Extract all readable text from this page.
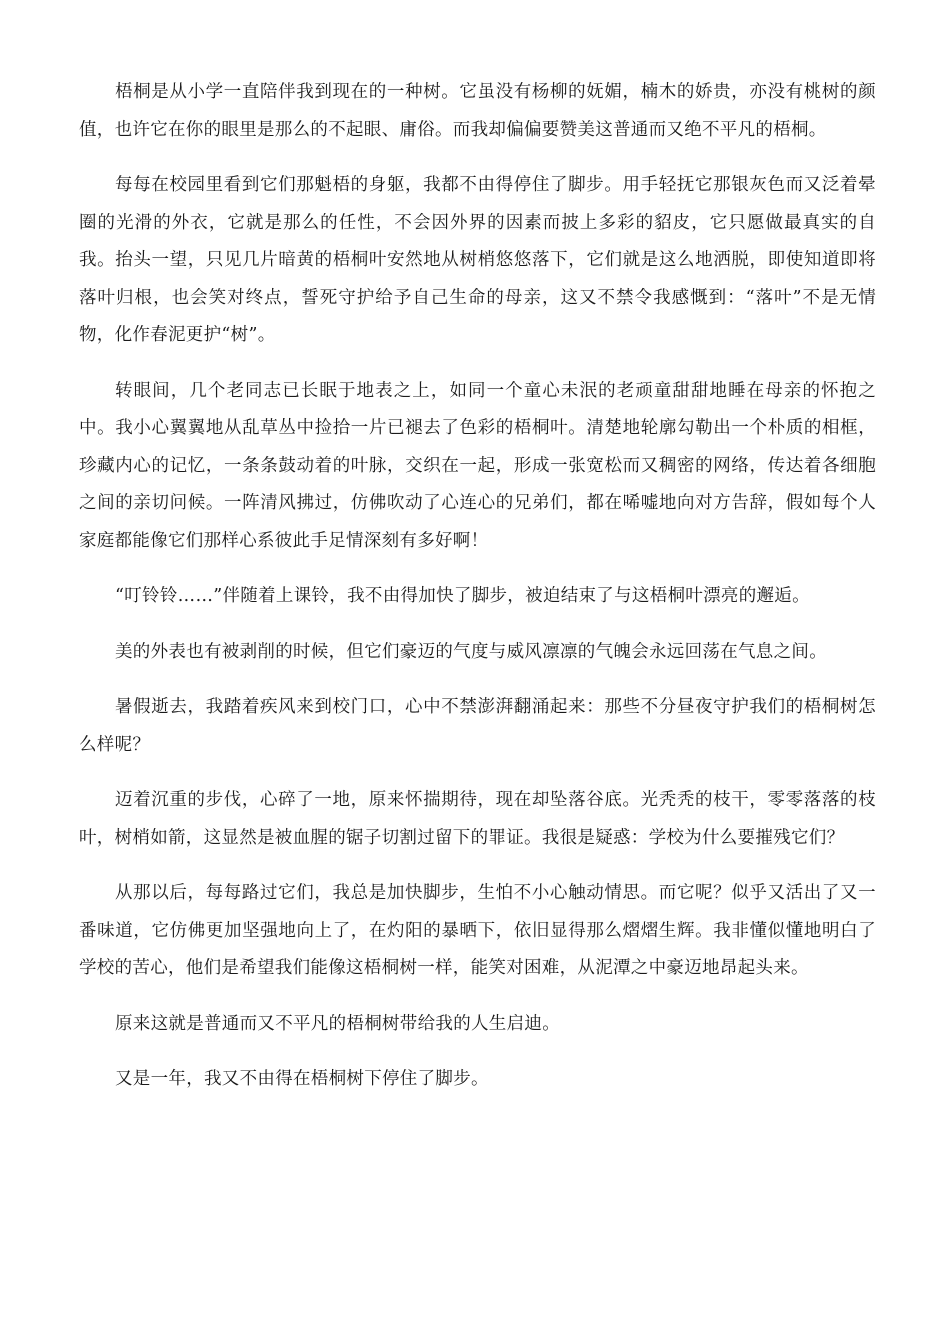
梧桐是从小学一直陪伴我到现在的一种树。它虽没有杨柳的妩媚，楠木的娇贵，亦没有桃树的颜值，也许它在你的眼里是那么的不起眼、庸俗。而我却偏偏要赞美这普通而又绝不平凡的梧桐。

每每在校园里看到它们那魁梧的身躯，我都不由得停住了脚步。用手轻抚它那银灰色而又泛着晕圈的光滑的外衣，它就是那么的任性，不会因外界的因素而披上多彩的貂皮，它只愿做最真实的自我。抬头一望，只见几片暗黄的梧桐叶安然地从树梢悠悠落下，它们就是这么地洒脱，即使知道即将落叶归根，也会笑对终点，誓死守护给予自己生命的母亲，这又不禁令我感慨到：“落叶”不是无情物，化作春泥更护“树”。

转眼间，几个老同志已长眠于地表之上，如同一个童心未泯的老顽童甜甜地睡在母亲的怀抱之中。我小心翼翼地从乱草丛中捡拾一片已褪去了色彩的梧桐叶。清楚地轮廓勾勒出一个朴质的相框，珍藏内心的记忆，一条条鼓动着的叶脉，交织在一起，形成一张宽松而又稠密的网络，传达着各细胞之间的亲切问候。一阵清风拂过，仿佛吹动了心连心的兄弟们，都在唏嘘地向对方告辞，假如每个人家庭都能像它们那样心系彼此手足情深刻有多好啊！

“叮铃铃……”伴随着上课铃，我不由得加快了脚步，被迫结束了与这梧桐叶漂亮的邂逅。

美的外表也有被剥削的时候，但它们豪迈的气度与威风凛凛的气魄会永远回荡在气息之间。

暑假逝去，我踏着疾风来到校门口，心中不禁澎湃翻涌起来：那些不分昼夜守护我们的梧桐树怎么样呢？

迈着沉重的步伐，心碎了一地，原来怀揣期待，现在却坠落谷底。光秃秃的枝干，零零落落的枝叶，树梢如箭，这显然是被血腥的锯子切割过留下的罪证。我很是疑惑：学校为什么要摧残它们？

从那以后，每每路过它们，我总是加快脚步，生怕不小心触动情思。而它呢？似乎又活出了又一番味道，它仿佛更加坚强地向上了，在灼阳的暴晒下，依旧显得那么熠熠生辉。我非懂似懂地明白了学校的苦心，他们是希望我们能像这梧桐树一样，能笑对困难，从泥潭之中豪迈地昂起头来。

原来这就是普通而又不平凡的梧桐树带给我的人生启迪。

又是一年，我又不由得在梧桐树下停住了脚步。
